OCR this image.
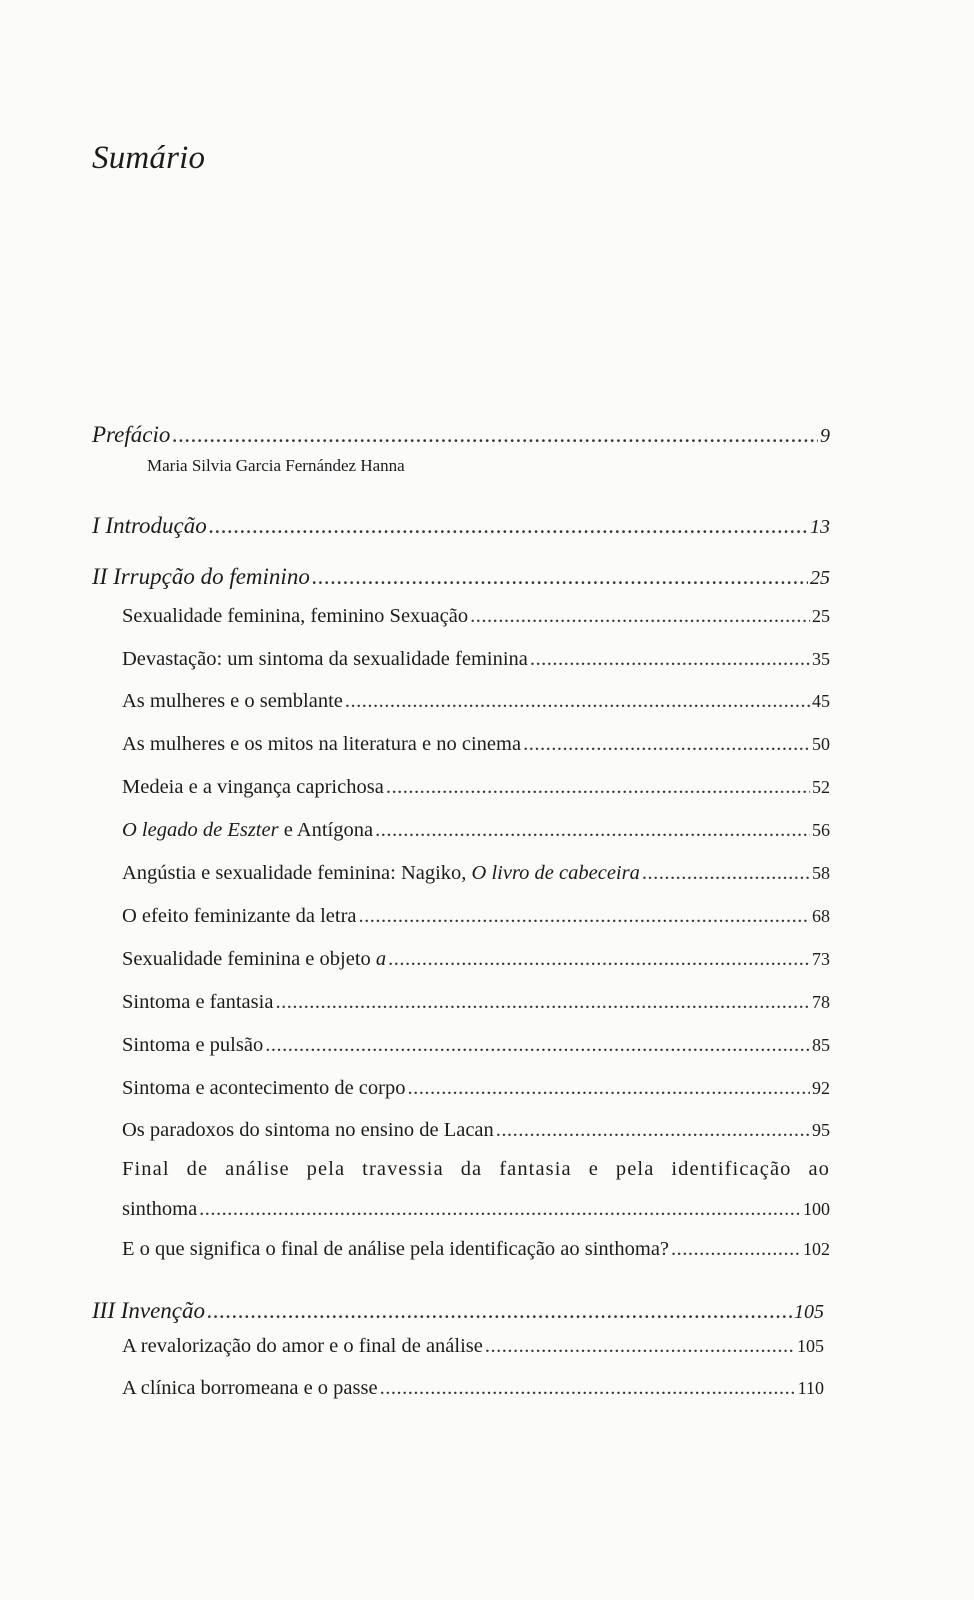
Sumário
Prefácio .....	9
Maria Silvia Garcia Fernández Hanna
I Introdução .....	13
II Irrupção do feminino .....	25
Sexualidade feminina, feminino Sexuação .....	25
Devastação: um sintoma da sexualidade feminina .....	35
As mulheres e o semblante .....	45
As mulheres e os mitos na literatura e no cinema .....	50
Medeia e a vingança caprichosa .....	52
O legado de Eszter e Antígona .....	56
Angústia e sexualidade feminina: Nagiko, O livro de cabeceira .....	58
O efeito feminizante da letra .....	68
Sexualidade feminina e objeto a .....	73
Sintoma e fantasia .....	78
Sintoma e pulsão .....	85
Sintoma e acontecimento de corpo .....	92
Os paradoxos do sintoma no ensino de Lacan .....	95
Final de análise pela travessia da fantasia e pela identificação ao
sinthoma .....	100
E o que significa o final de análise pela identificação ao sinthoma? .....	102
III Invenção .....	105
A revalorização do amor e o final de análise .....	105
A clínica borromeana e o passe .....	110
